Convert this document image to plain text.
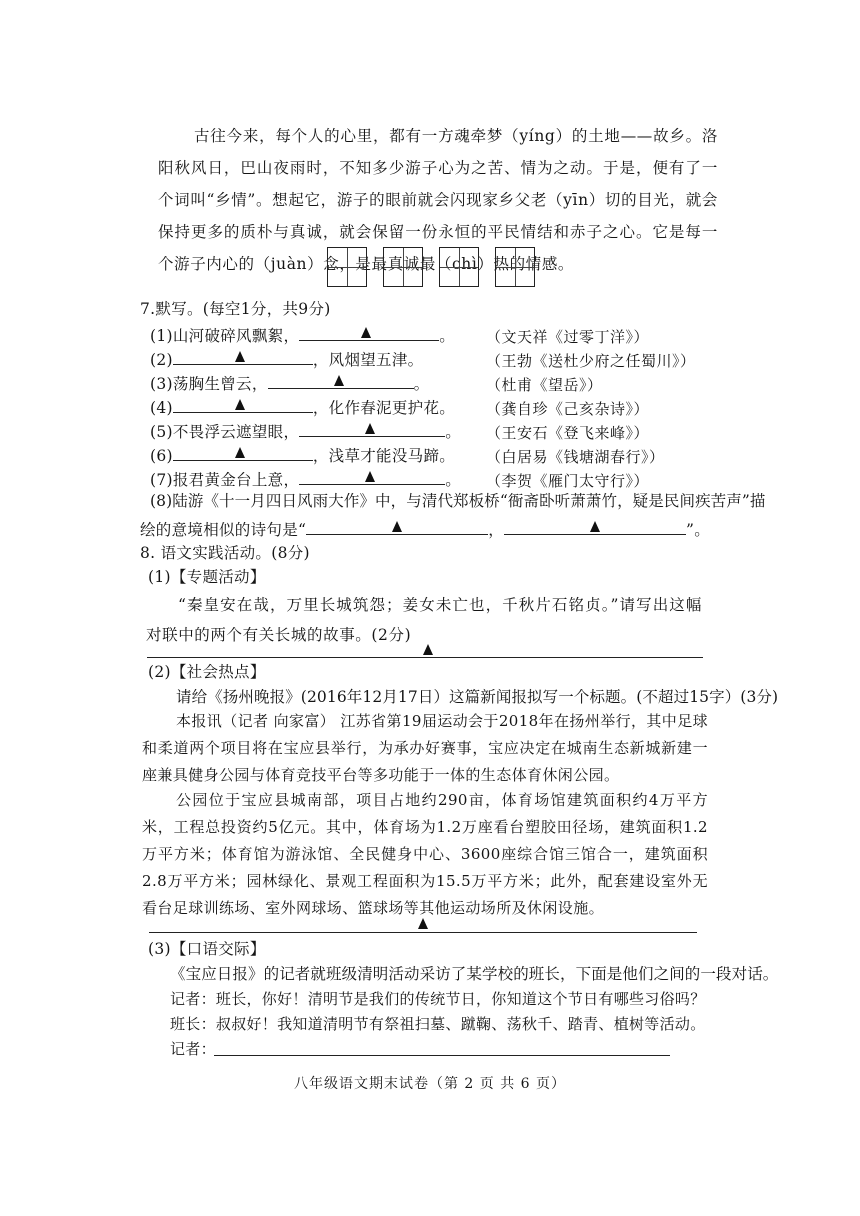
古往今来，每个人的心里，都有一方魂牵梦（yíng）的土地——故乡。洛阳秋风日，巴山夜雨时，不知多少游子心为之苦、情为之动。于是，便有了一个词叫“乡情”。想起它，游子的眼前就会闪现家乡父老（yīn）切的目光，就会保持更多的质朴与真诚，就会保留一份永恒的平民情结和赤子之心。它是每一个游子内心的（juàn）念，是最真诚最（chì）热的情感。

7.默写。(每空1分，共9分)
(1)山河破碎风飘絮，	。 （文天祥《过零丁洋》）
(2)	，风烟望五津。	（王勃《送杜少府之任蜀川》）
(3)荡胸生曾云，	。	（杜甫《望岳》）
(4)	，化作春泥更护花。 （龚自珍《己亥杂诗》）
(5)不畏浮云遮望眼，	。 （王安石《登飞来峰》）
(6)	，浅草才能没马蹄。 （白居易《钱塘湖春行》）
(7)报君黄金台上意，	。 （李贺《雁门太守行》）
(8)陆游《十一月四日风雨大作》中，与清代郑板桥“衙斋卧听萧萧竹，疑是民间疾苦声”描
绘的意境相似的诗句是“	，	”。
8. 语文实践活动。(8分)
(1)【专题活动】

“秦皇安在哉，万里长城筑怨；姜女未亡也，千秋片石铭贞。”请写出这幅对联中的两个有关长城的故事。(2分)

(2)【社会热点】
请给《扬州晚报》(2016年12月17日）这篇新闻报拟写一个标题。(不超过15字）(3分)

本报讯（记者 向家富） 江苏省第19届运动会于2018年在扬州举行，其中足球和柔道两个项目将在宝应县举行，为承办好赛事，宝应决定在城南生态新城新建一座兼具健身公园与体育竞技平台等多功能于一体的生态体育休闲公园。

公园位于宝应县城南部，项目占地约290亩，体育场馆建筑面积约4万平方米，工程总投资约5亿元。其中，体育场为1.2万座看台塑胶田径场，建筑面积1.2万平方米；体育馆为游泳馆、全民健身中心、3600座综合馆三馆合一，建筑面积2.8万平方米；园林绿化、景观工程面积为15.5万平方米；此外，配套建设室外无看台足球训练场、室外网球场、篮球场等其他运动场所及休闲设施。

(3)【口语交际】
《宝应日报》的记者就班级清明活动采访了某学校的班长，下面是他们之间的一段对话。
记者：班长，你好！清明节是我们的传统节日，你知道这个节日有哪些习俗吗？
班长：叔叔好！我知道清明节有祭祖扫墓、蹴鞠、荡秋千、踏青、植树等活动。
记者：
八年级语文期末试卷（第 2 页 共 6 页）
